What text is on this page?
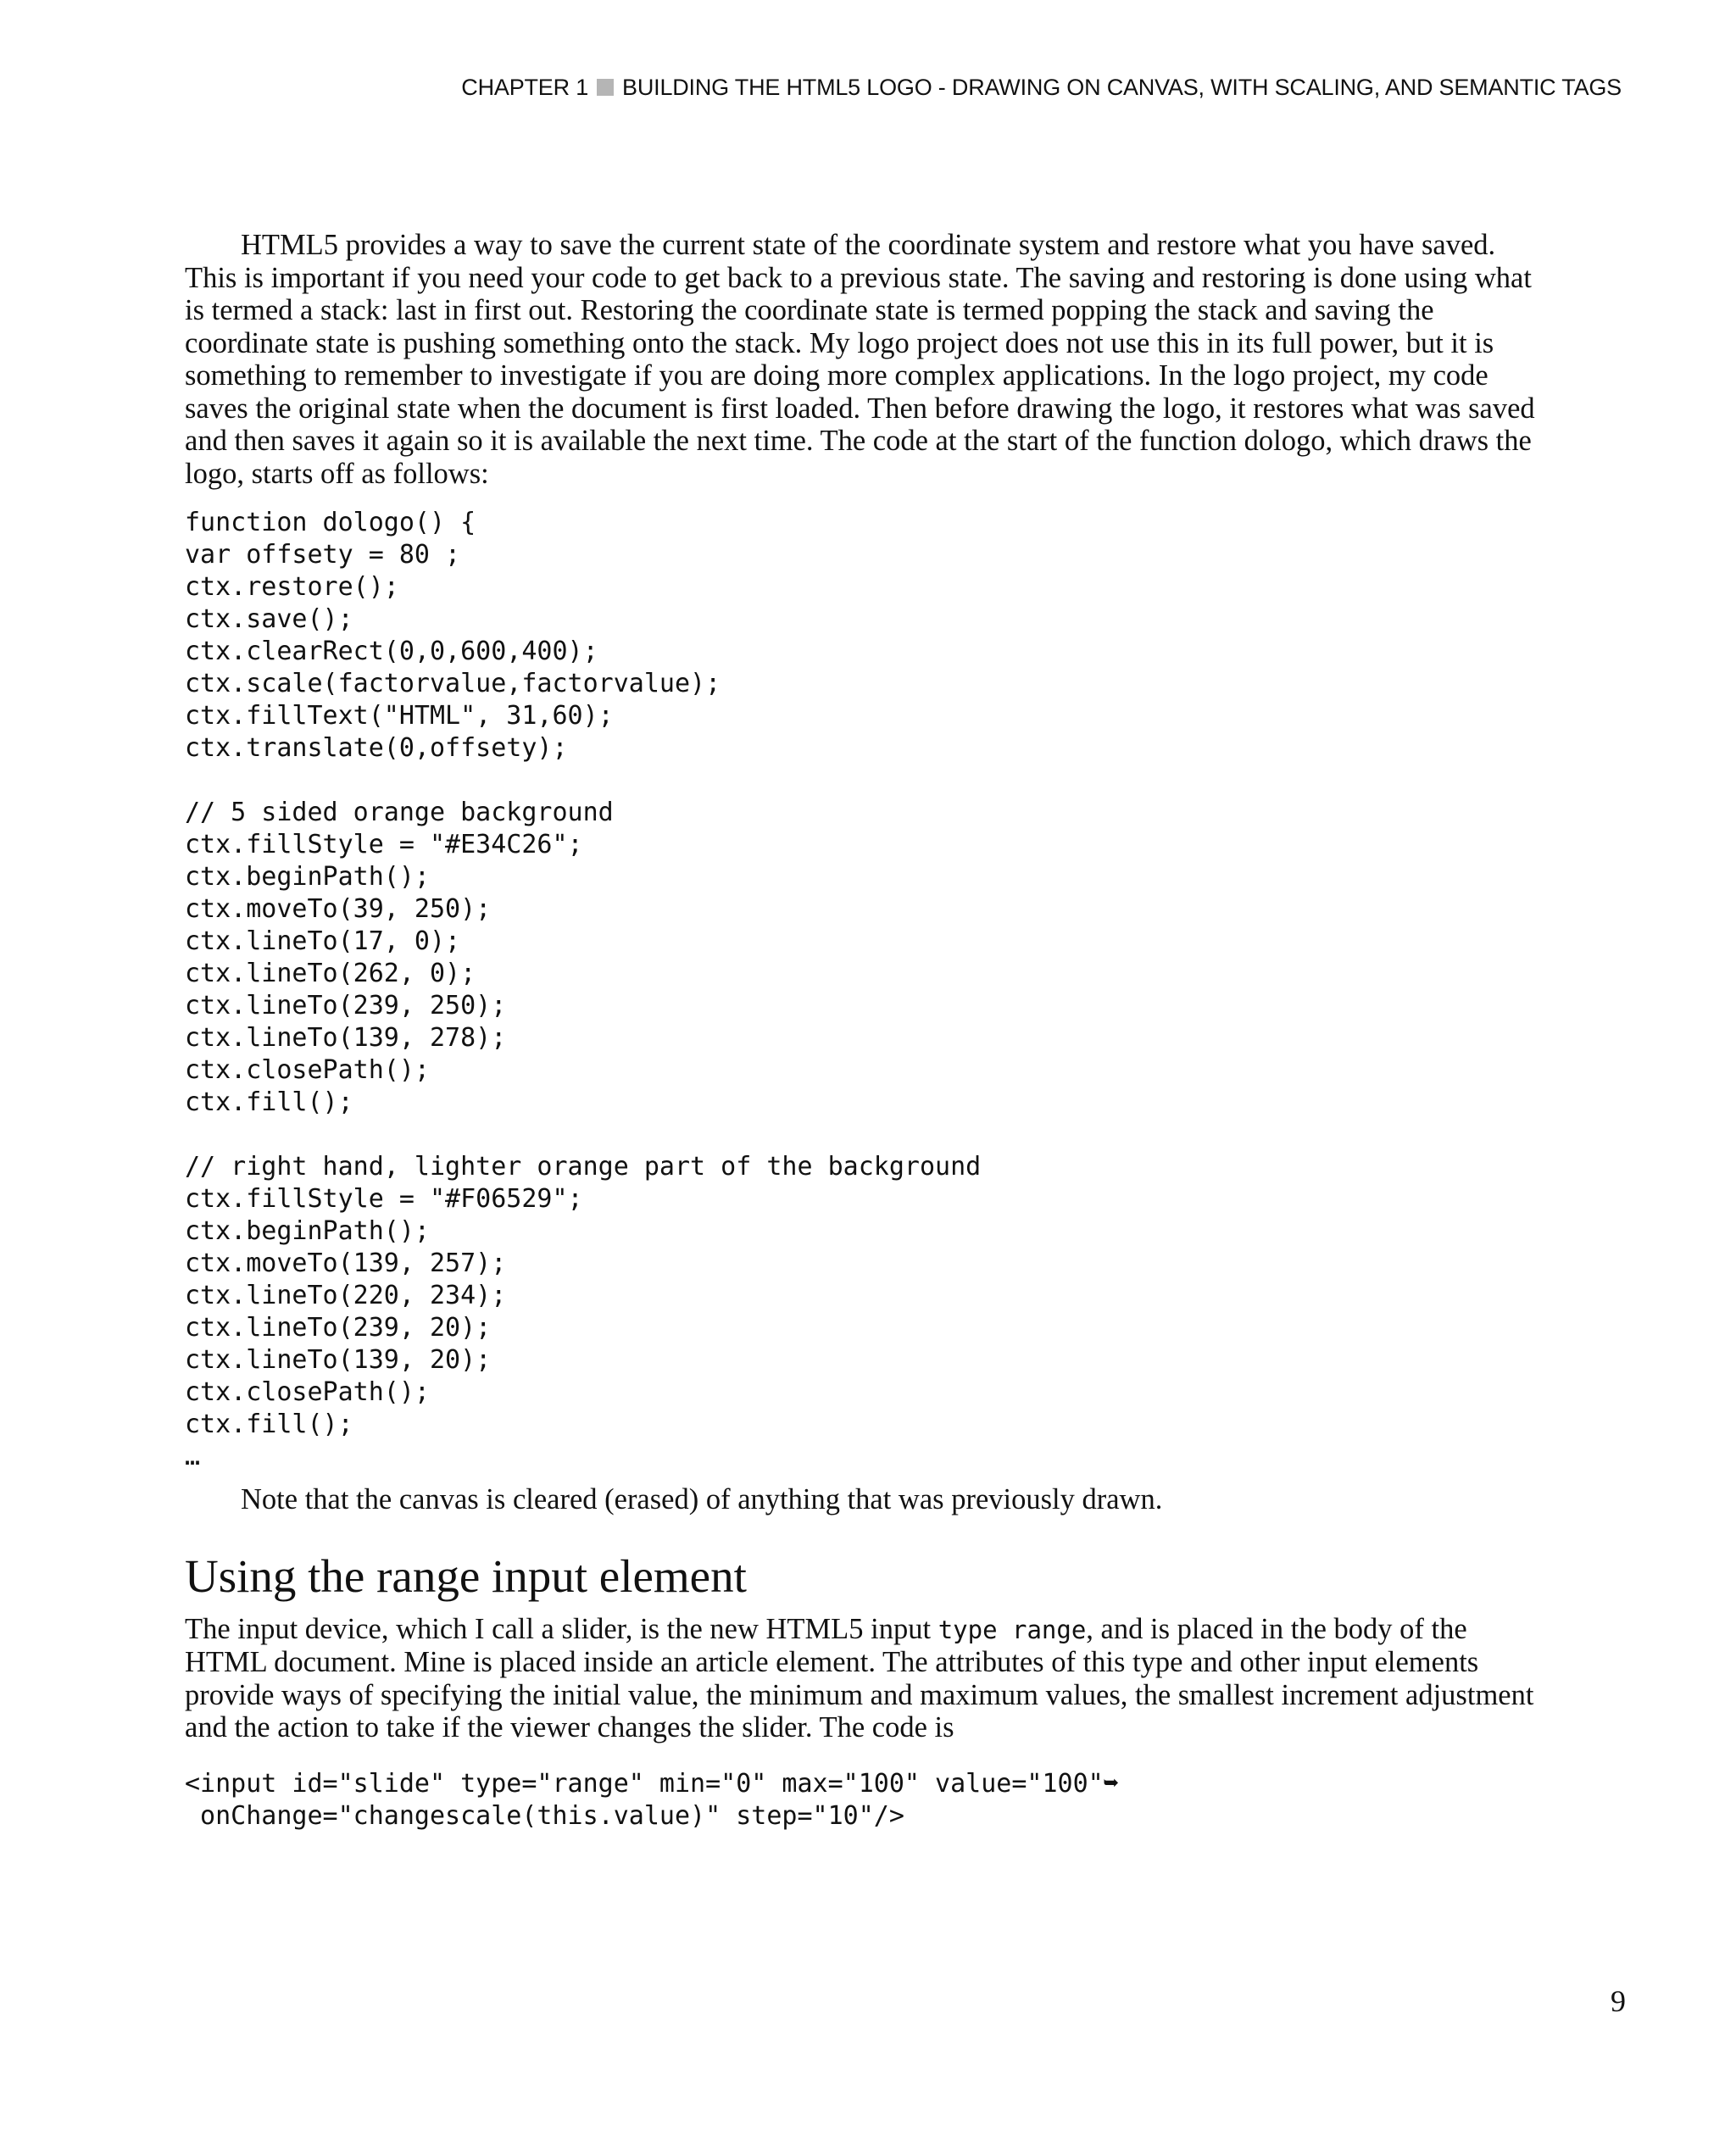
CHAPTER 1 BUILDING THE HTML5 LOGO - DRAWING ON CANVAS, WITH SCALING, AND SEMANTIC TAGS

HTML5 provides a way to save the current state of the coordinate system and restore what you have saved. This is important if you need your code to get back to a previous state. The saving and restoring is done using what is termed a stack: last in first out. Restoring the coordinate state is termed popping the stack and saving the coordinate state is pushing something onto the stack. My logo project does not use this in its full power, but it is something to remember to investigate if you are doing more complex applications. In the logo project, my code saves the original state when the document is first loaded. Then before drawing the logo, it restores what was saved and then saves it again so it is available the next time. The code at the start of the function dologo, which draws the logo, starts off as follows:

function dologo() {
var offsety = 80 ;
ctx.restore();
ctx.save();
ctx.clearRect(0,0,600,400);
ctx.scale(factorvalue,factorvalue);
ctx.fillText("HTML", 31,60);
ctx.translate(0,offsety);

// 5 sided orange background
ctx.fillStyle = "#E34C26";
ctx.beginPath();
ctx.moveTo(39, 250);
ctx.lineTo(17, 0);
ctx.lineTo(262, 0);
ctx.lineTo(239, 250);
ctx.lineTo(139, 278);
ctx.closePath();
ctx.fill();

// right hand, lighter orange part of the background
ctx.fillStyle = "#F06529";
ctx.beginPath();
ctx.moveTo(139, 257);
ctx.lineTo(220, 234);
ctx.lineTo(239, 20);
ctx.lineTo(139, 20);
ctx.closePath();
ctx.fill();
…

Note that the canvas is cleared (erased) of anything that was previously drawn.

Using the range input element

The input device, which I call a slider, is the new HTML5 input type range, and is placed in the body of the HTML document. Mine is placed inside an article element. The attributes of this type and other input elements provide ways of specifying the initial value, the minimum and maximum values, the smallest increment adjustment and the action to take if the viewer changes the slider. The code is

<input id="slide" type="range" min="0" max="100" value="100"➥
onChange="changescale(this.value)" step="10"/>
9
